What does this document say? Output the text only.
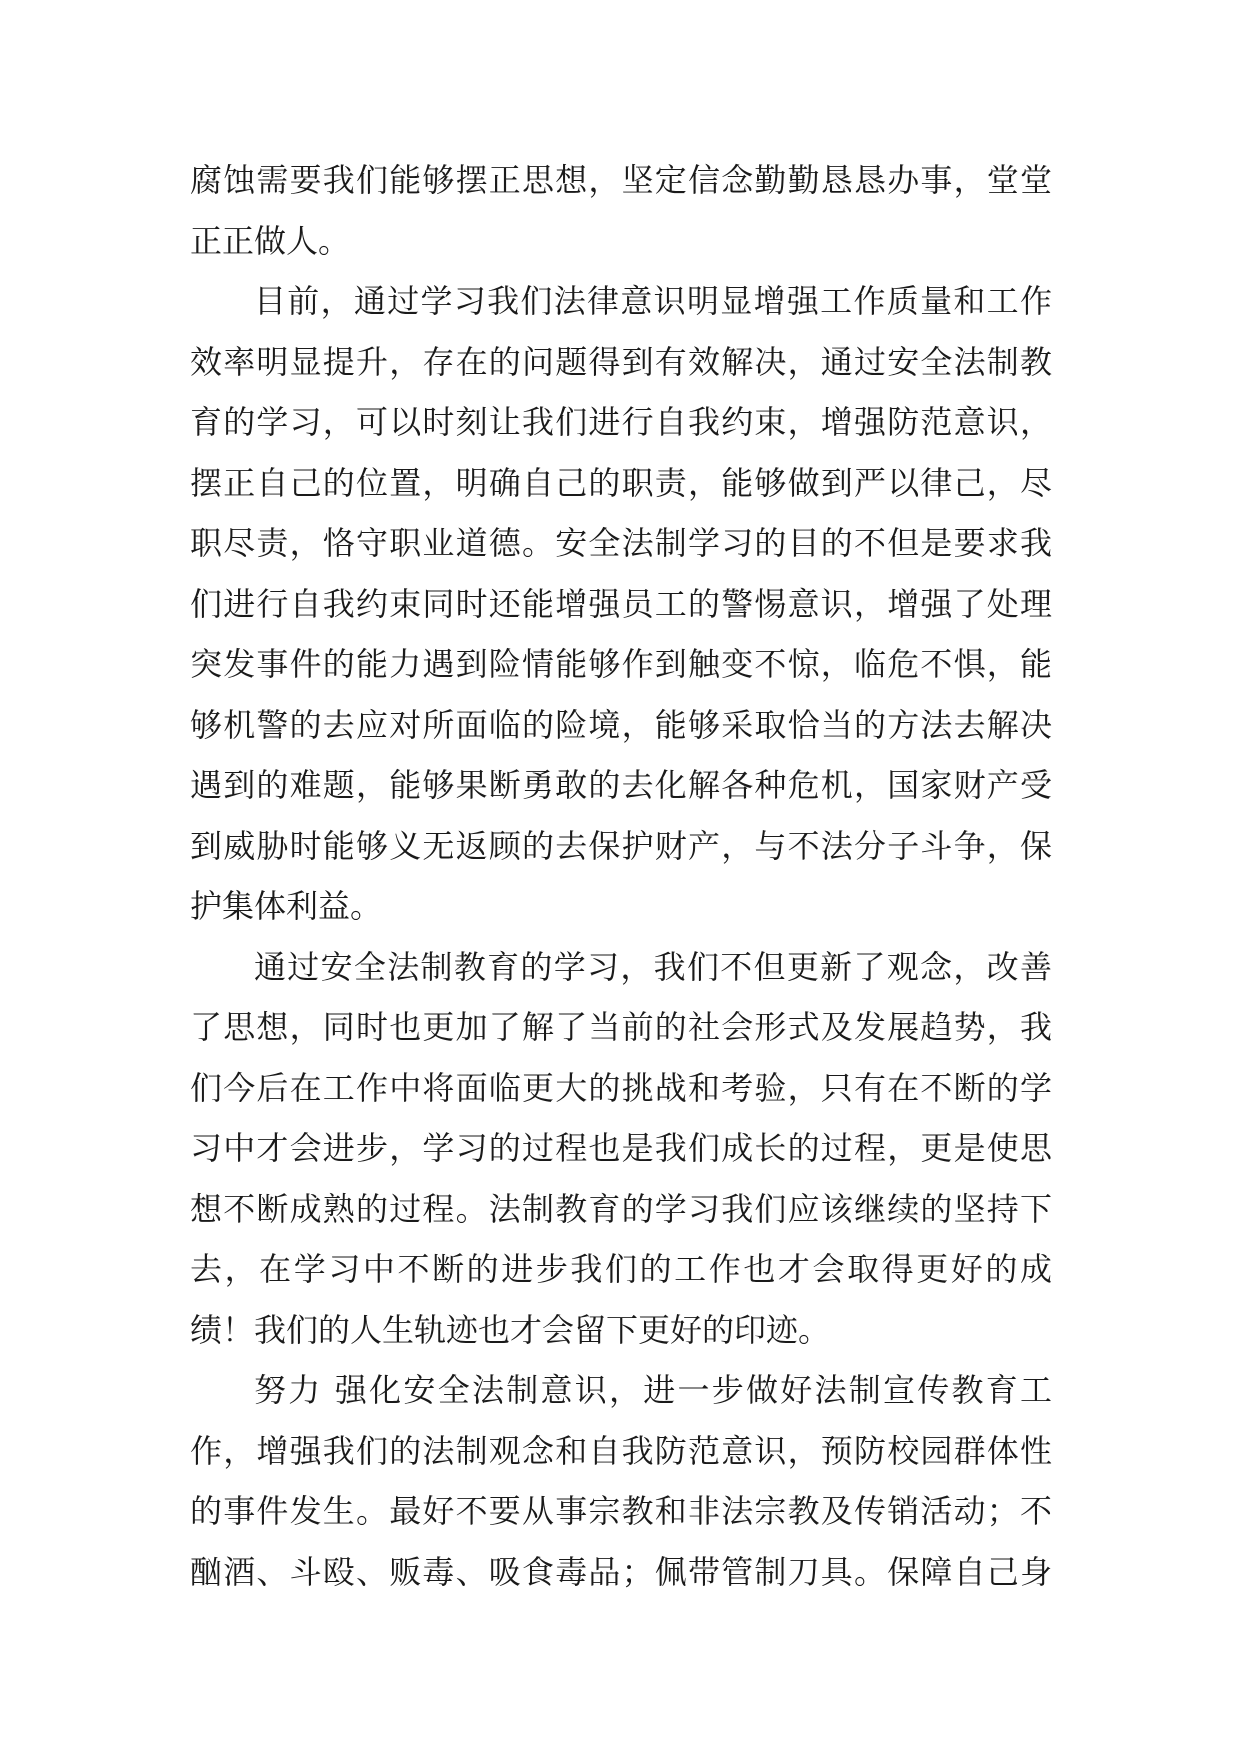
腐蚀需要我们能够摆正思想，坚定信念勤勤恳恳办事，堂堂
正正做人。
目前，通过学习我们法律意识明显增强工作质量和工作
效率明显提升，存在的问题得到有效解决，通过安全法制教
育的学习，可以时刻让我们进行自我约束，增强防范意识，
摆正自己的位置，明确自己的职责，能够做到严以律己，尽
职尽责，恪守职业道德。安全法制学习的目的不但是要求我
们进行自我约束同时还能增强员工的警惕意识，增强了处理
突发事件的能力遇到险情能够作到触变不惊，临危不惧，能
够机警的去应对所面临的险境，能够采取恰当的方法去解决
遇到的难题，能够果断勇敢的去化解各种危机，国家财产受
到威胁时能够义无返顾的去保护财产，与不法分子斗争，保
护集体利益。
通过安全法制教育的学习，我们不但更新了观念，改善
了思想，同时也更加了解了当前的社会形式及发展趋势，我
们今后在工作中将面临更大的挑战和考验，只有在不断的学
习中才会进步，学习的过程也是我们成长的过程，更是使思
想不断成熟的过程。法制教育的学习我们应该继续的坚持下
去，在学习中不断的进步我们的工作也才会取得更好的成
绩！我们的人生轨迹也才会留下更好的印迹。
努力 强化安全法制意识，进一步做好法制宣传教育工
作，增强我们的法制观念和自我防范意识，预防校园群体性
的事件发生。最好不要从事宗教和非法宗教及传销活动；不
酗酒、斗殴、贩毒、吸食毒品；佩带管制刀具。保障自己身
